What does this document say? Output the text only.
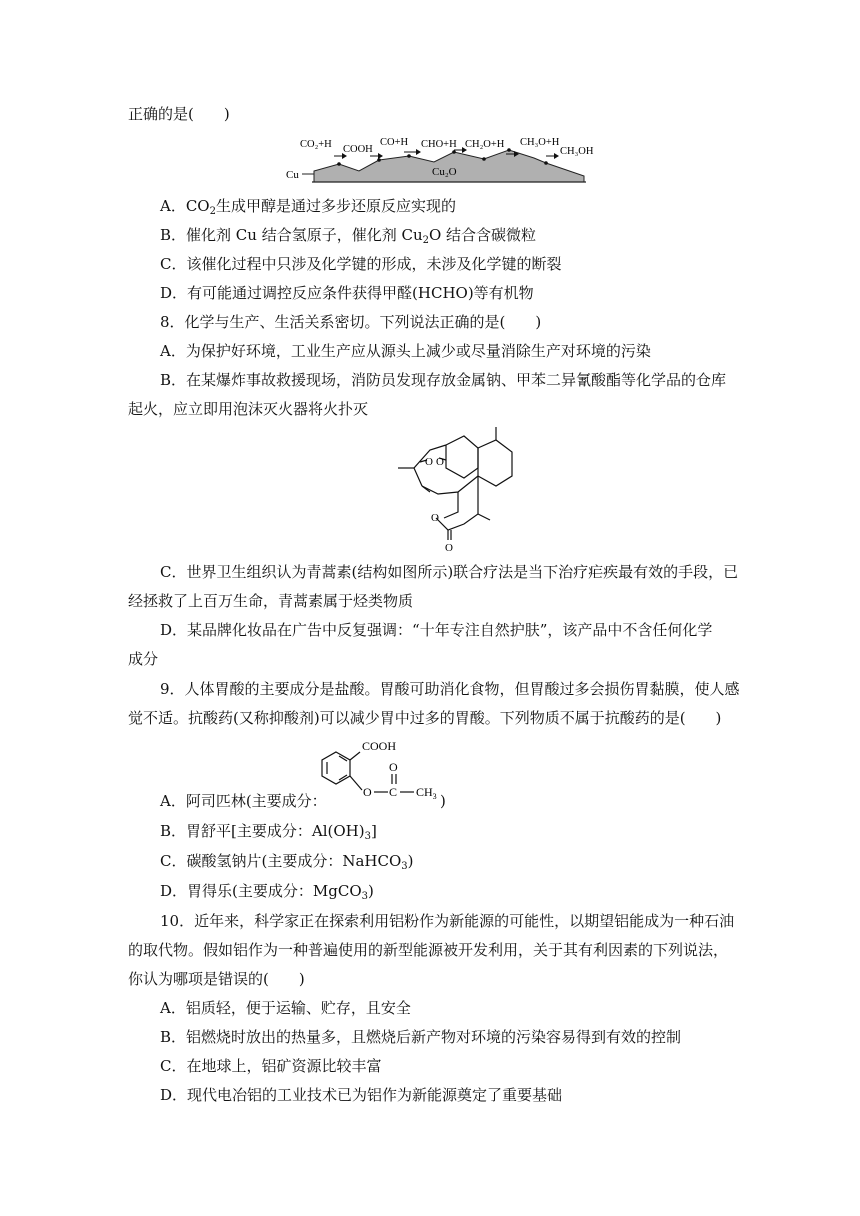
正确的是(　　)
Cu	Cu₂O
CO₂+H COOH
CO+H CHO+H CH₂O+H CH₃O+H
CH₃OH
A．$CO_2$生成甲醇是通过多步还原反应实现的
B．催化剂 Cu 结合氢原子，催化剂 $Cu_2O$ 结合含碳微粒
C．该催化过程中只涉及化学键的形成，未涉及化学键的断裂
D．有可能通过调控反应条件获得甲醛(HCHO)等有机物
8．化学与生产、生活关系密切。下列说法正确的是(　　)
A．为保护好环境，工业生产应从源头上减少或尽量消除生产对环境的污染
B．在某爆炸事故救援现场，消防员发现存放金属钠、甲苯二异氰酸酯等化学品的仓库
起火，应立即用泡沫灭火器将火扑灭
O O
O
O
C．世界卫生组织认为青蒿素(结构如图所示)联合疗法是当下治疗疟疾最有效的手段，已
经拯救了上百万生命，青蒿素属于烃类物质
D．某品牌化妆品在广告中反复强调：“十年专注自然护肤”，该产品中不含任何化学
成分
9．人体胃酸的主要成分是盐酸。胃酸可助消化食物，但胃酸过多会损伤胃黏膜，使人感
觉不适。抗酸药(又称抑酸剂)可以减少胃中过多的胃酸。下列物质不属于抗酸药的是(　　)
COOH
O
O
C $CH_3$
A．阿司匹林(主要成分：	)
B．胃舒平[主要成分：$Al(OH)_3$]
C．碳酸氢钠片(主要成分：NaHCO$_3$)
D．胃得乐(主要成分：MgCO$_3$)
10．近年来，科学家正在探索利用铝粉作为新能源的可能性，以期望铝能成为一种石油
的取代物。假如铝作为一种普遍使用的新型能源被开发利用，关于其有利因素的下列说法，
你认为哪项是错误的(　　)
A．铝质轻，便于运输、贮存，且安全
B．铝燃烧时放出的热量多，且燃烧后新产物对环境的污染容易得到有效的控制
C．在地球上，铝矿资源比较丰富
D．现代电冶铝的工业技术已为铝作为新能源奠定了重要基础
